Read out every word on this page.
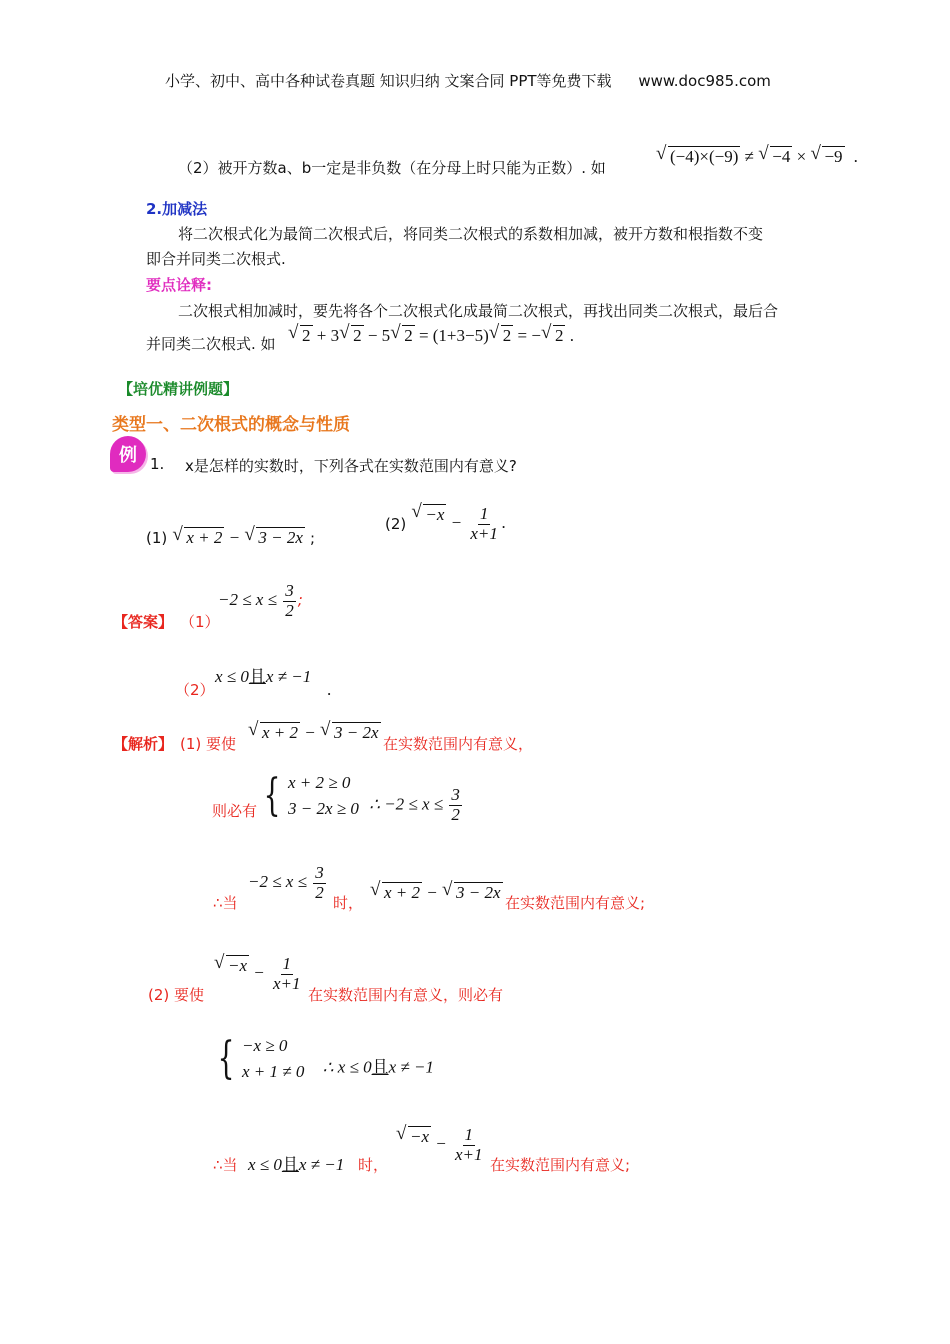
小学、初中、高中各种试卷真题 知识归纳 文案合同 PPT等免费下载 www.doc985.com
（2）被开方数a、b一定是非负数（在分母上时只能为正数）. 如
√ (−4)×(−9) ≠ √ −4 × √ −9 .
2.加减法
将二次根式化为最简二次根式后，将同类二次根式的系数相加减，被开方数和根指数不变
即合并同类二次根式.
要点诠释:
二次根式相加减时，要先将各个二次根式化成最简二次根式，再找出同类二次根式，最后合
并同类二次根式. 如	√ 2 + 3 √ 2 − 5 √ 2 = (1+3−5) √ 2 = − √ 2 .
【培优精讲例题】
类型一、二次根式的概念与性质
例 1. x是怎样的实数时，下列各式在实数范围内有意义?
(1) √ x + 2 − √ 3 − 2x ;
(2) √ $-x - \frac{1}{x+1}$ .
【答案】 （1）
$-2 \le x \le \frac{3}{2}$ ;
（2）
x ≤ 0且x ≠ −1
.
【解析】 (1) 要使
√ x + 2 − √ 3 − 2x
在实数范围内有意义，
则必有 { x + 2 ≥ 0
3 − 2x ≥ 0 ∴ $-2 \le x \le \frac{3}{2}$
∴当
$-2 \le x \le \frac{3}{2}$
时，
√ x + 2 − √ 3 − 2x
在实数范围内有意义;
(2) 要使
√ $-x - \frac{1}{x+1}$
在实数范围内有意义，则必有
{ −x ≥ 0
x + 1 ≠ 0 ∴ x ≤ 0且x ≠ −1
∴当 x ≤ 0且x ≠ −1 时，
√ $-x - \frac{1}{x+1}$
在实数范围内有意义;
